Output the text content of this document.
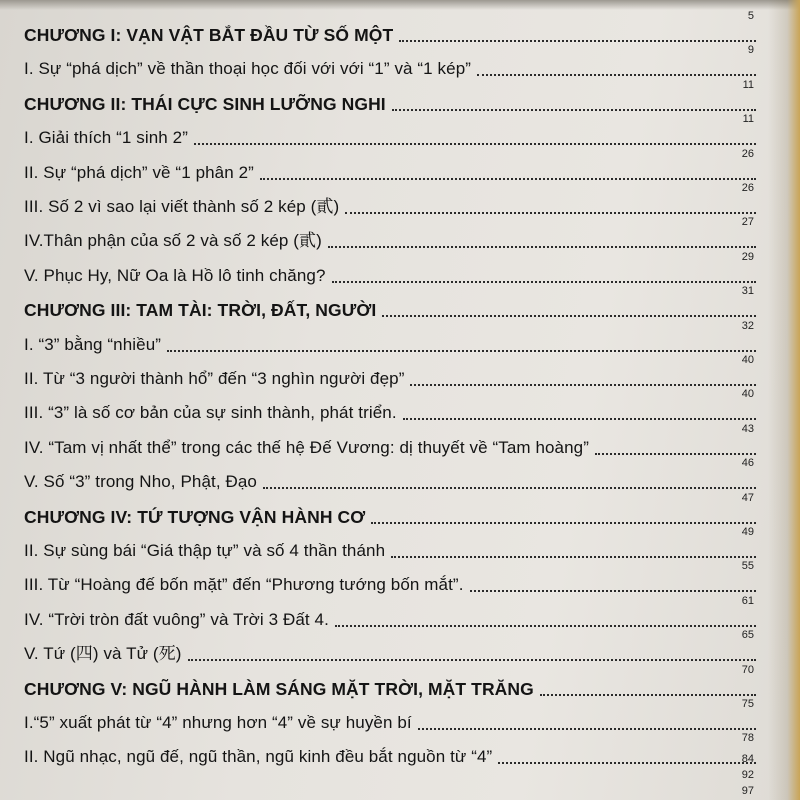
CHƯƠNG I: VẠN VẬT BẮT ĐẦU TỪ SỐ MỘT
5
I. Sự “phá dịch” về thần thoại học đối với với “1” và “1 kép”
9
CHƯƠNG II: THÁI CỰC SINH LƯỠNG NGHI
11
I. Giải thích “1 sinh 2”
11
II. Sự “phá dịch” về “1 phân 2”
26
III. Số 2 vì sao lại viết thành số 2 kép (貳)
26
IV.Thân phận của số 2 và số 2 kép (貳)
27
V. Phục Hy, Nữ Oa là Hồ lô tinh chăng?
29
CHƯƠNG III: TAM TÀI: TRỜI, ĐẤT, NGƯỜI
31
I. “3” bằng “nhiều”
32
II. Từ “3 người thành hổ” đến “3 nghìn người đẹp”
40
III. “3” là số cơ bản của sự sinh thành, phát triển.
40
IV. “Tam vị nhất thể” trong các thế hệ Đế Vương: dị thuyết về “Tam hoàng”
43
V. Số “3” trong Nho, Phật, Đạo
46
CHƯƠNG IV: TỨ TƯỢNG VẬN HÀNH CƠ
47
II. Sự sùng bái “Giá thập tự” và số 4 thần thánh
49
III. Từ “Hoàng đế bốn mặt” đến “Phương tướng bốn mắt”.
55
IV. “Trời tròn đất vuông” và Trời 3 Đất 4.
61
V. Tứ (四) và Tử (死)
65
CHƯƠNG V: NGŨ HÀNH LÀM SÁNG MẶT TRỜI, MẶT TRĂNG
70
I.“5” xuất phát từ “4” nhưng hơn “4” về sự huyền bí
75
II. Ngũ nhạc, ngũ đế, ngũ thần, ngũ kinh đều bắt nguồn từ “4”
78
84
92
97
